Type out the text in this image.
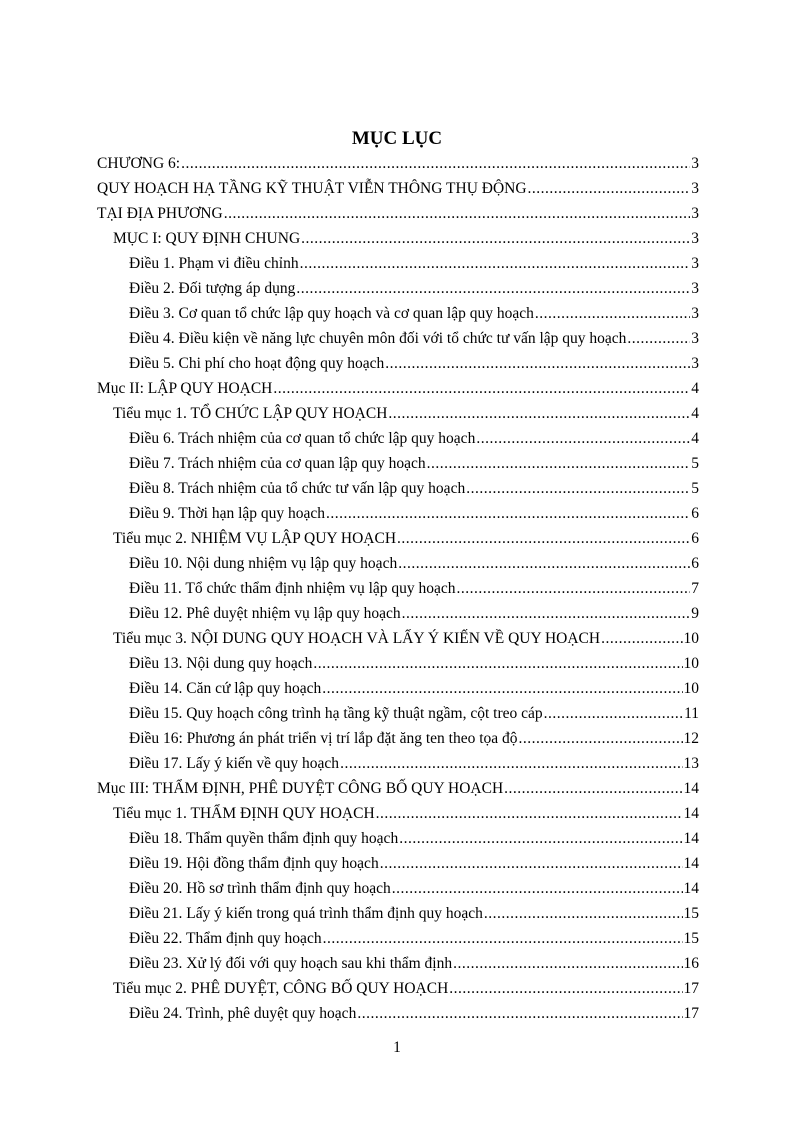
MỤC LỤC
CHƯƠNG 6: .....	3
QUY HOẠCH HẠ TẦNG KỸ THUẬT VIỄN THÔNG THỤ ĐỘNG .....	3
TẠI ĐỊA PHƯƠNG .....	3
MỤC I: QUY ĐỊNH CHUNG .....	3
Điều 1. Phạm vi điều chỉnh .....	3
Điều 2. Đối tượng áp dụng .....	3
Điều 3. Cơ quan tổ chức lập quy hoạch và cơ quan lập quy hoạch .....	3
Điều 4. Điều kiện về năng lực chuyên môn đối với tổ chức tư vấn lập quy hoạch .....	3
Điều 5. Chi phí cho hoạt động quy hoạch .....	3
Mục II: LẬP QUY HOẠCH .....	4
Tiểu mục 1. TỔ CHỨC LẬP QUY HOẠCH .....	4
Điều 6. Trách nhiệm của cơ quan tổ chức lập quy hoạch .....	4
Điều 7. Trách nhiệm của cơ quan lập quy hoạch .....	5
Điều 8. Trách nhiệm của tổ chức tư vấn lập quy hoạch .....	5
Điều 9. Thời hạn lập quy hoạch .....	6
Tiểu mục 2. NHIỆM VỤ LẬP QUY HOẠCH .....	6
Điều 10. Nội dung nhiệm vụ lập quy hoạch .....	6
Điều 11. Tổ chức thẩm định nhiệm vụ lập quy hoạch .....	7
Điều 12. Phê duyệt nhiệm vụ lập quy hoạch .....	9
Tiểu mục 3. NỘI DUNG QUY HOẠCH VÀ LẤY Ý KIẾN VỀ QUY HOẠCH .....	10
Điều 13. Nội dung quy hoạch .....	10
Điều 14. Căn cứ lập quy hoạch .....	10
Điều 15. Quy hoạch công trình hạ tầng kỹ thuật ngầm, cột treo cáp .....	11
Điều 16: Phương án phát triển vị trí lắp đặt ăng ten theo tọa độ .....	12
Điều 17. Lấy ý kiến về quy hoạch .....	13
Mục III: THẨM ĐỊNH, PHÊ DUYỆT CÔNG BỐ QUY HOẠCH .....	14
Tiểu mục 1. THẨM ĐỊNH QUY HOẠCH .....	14
Điều 18. Thẩm quyền thẩm định quy hoạch .....	14
Điều 19. Hội đồng thẩm định quy hoạch .....	14
Điều 20. Hồ sơ trình thẩm định quy hoạch .....	14
Điều 21. Lấy ý kiến trong quá trình thẩm định quy hoạch .....	15
Điều 22. Thẩm định quy hoạch .....	15
Điều 23. Xử lý đối với quy hoạch sau khi thẩm định .....	16
Tiểu mục 2. PHÊ DUYỆT, CÔNG BỐ QUY HOẠCH .....	17
Điều 24. Trình, phê duyệt quy hoạch .....	17
1
